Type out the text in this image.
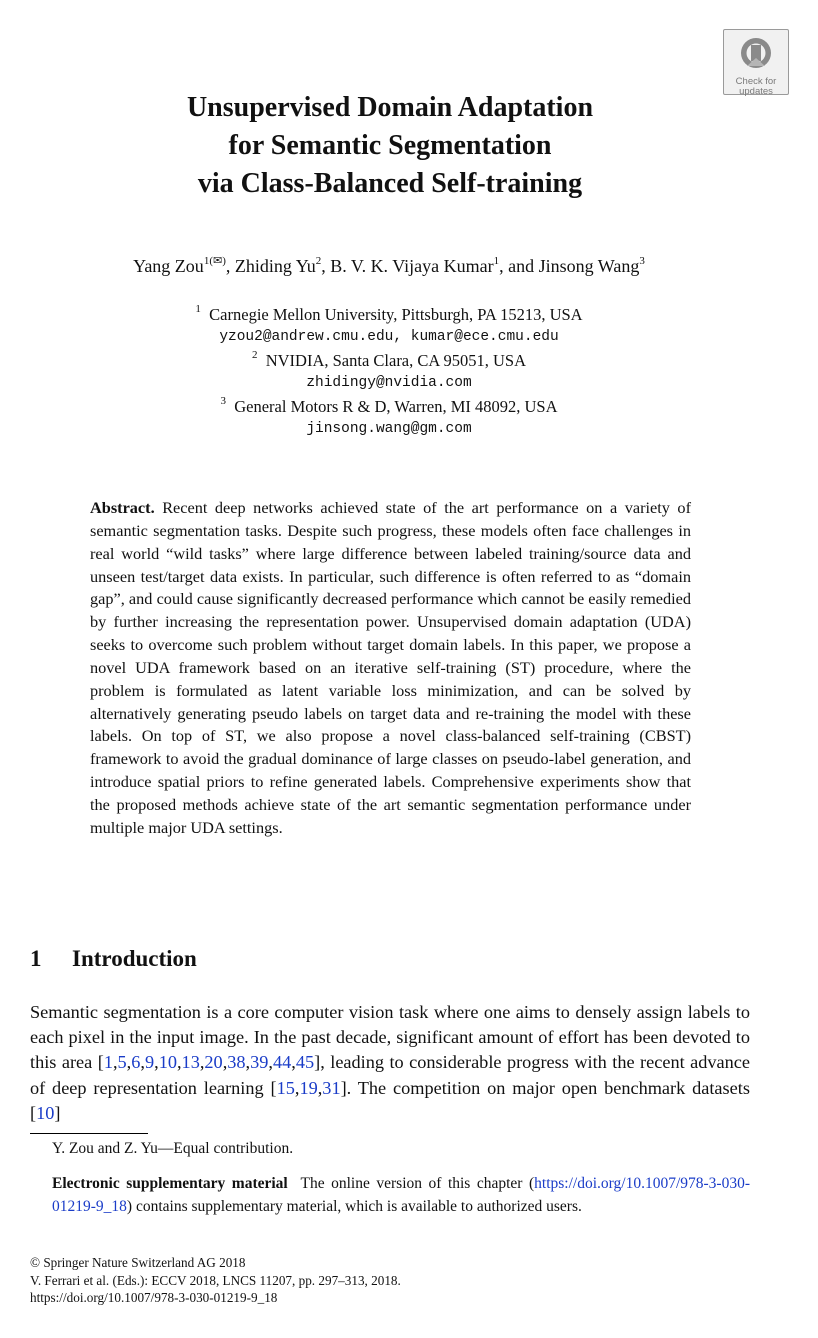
Check for
updates
Unsupervised Domain Adaptation
for Semantic Segmentation
via Class-Balanced Self-training
Yang Zou$^{1(✉)}$, Zhiding Yu$^2$, B. V. K. Vijaya Kumar$^1$, and Jinsong Wang$^3$
$^1$ Carnegie Mellon University, Pittsburgh, PA 15213, USA
yzou2@andrew.cmu.edu, kumar@ece.cmu.edu
$^2$ NVIDIA, Santa Clara, CA 95051, USA
zhidingy@nvidia.com
$^3$ General Motors R & D, Warren, MI 48092, USA
jinsong.wang@gm.com
Abstract. Recent deep networks achieved state of the art performance on a variety of semantic segmentation tasks. Despite such progress, these models often face challenges in real world “wild tasks” where large difference between labeled training/source data and unseen test/target data exists. In particular, such difference is often referred to as “domain gap”, and could cause significantly decreased performance which cannot be easily remedied by further increasing the representation power. Unsupervised domain adaptation (UDA) seeks to overcome such problem without target domain labels. In this paper, we propose a novel UDA framework based on an iterative self-training (ST) procedure, where the problem is formulated as latent variable loss minimization, and can be solved by alternatively generating pseudo labels on target data and re-training the model with these labels. On top of ST, we also propose a novel class-balanced self-training (CBST) framework to avoid the gradual dominance of large classes on pseudo-label generation, and introduce spatial priors to refine generated labels. Comprehensive experiments show that the proposed methods achieve state of the art semantic segmentation performance under multiple major UDA settings.
1 Introduction
Semantic segmentation is a core computer vision task where one aims to densely assign labels to each pixel in the input image. In the past decade, significant amount of effort has been devoted to this area [1,5,6,9,10,13,20,38,39,44,45], leading to considerable progress with the recent advance of deep representation learning [15,19,31]. The competition on major open benchmark datasets [10]
Y. Zou and Z. Yu—Equal contribution.
Electronic supplementary material The online version of this chapter (https://doi.org/10.1007/978-3-030-01219-9_18) contains supplementary material, which is available to authorized users.
© Springer Nature Switzerland AG 2018
V. Ferrari et al. (Eds.): ECCV 2018, LNCS 11207, pp. 297–313, 2018.
https://doi.org/10.1007/978-3-030-01219-9_18
